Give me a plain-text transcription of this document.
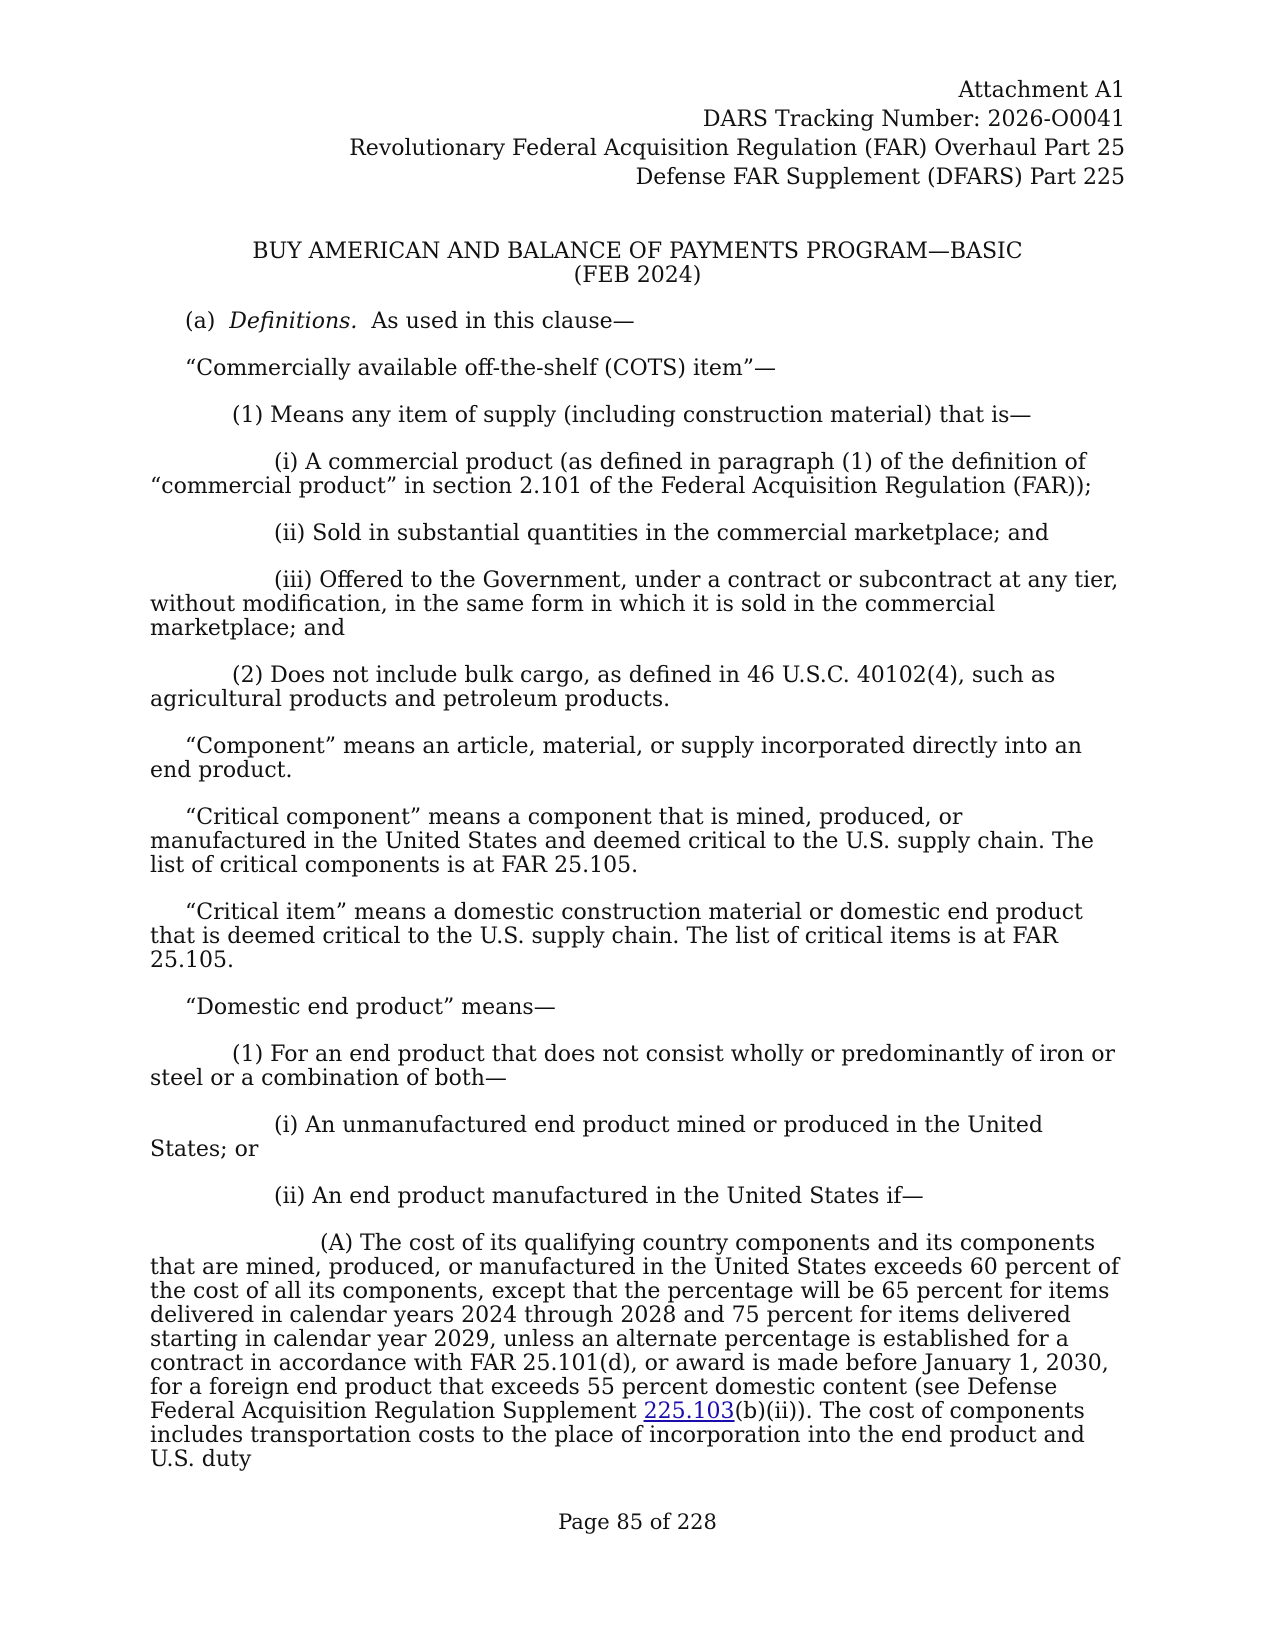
Attachment A1
DARS Tracking Number: 2026-O0041
Revolutionary Federal Acquisition Regulation (FAR) Overhaul Part 25
Defense FAR Supplement (DFARS) Part 225
BUY AMERICAN AND BALANCE OF PAYMENTS PROGRAM—BASIC
(FEB 2024)

(a) Definitions. As used in this clause—

“Commercially available off-the-shelf (COTS) item”—

(1) Means any item of supply (including construction material) that is—

(i) A commercial product (as defined in paragraph (1) of the definition of “commercial product” in section 2.101 of the Federal Acquisition Regulation (FAR));

(ii) Sold in substantial quantities in the commercial marketplace; and

(iii) Offered to the Government, under a contract or subcontract at any tier, without modification, in the same form in which it is sold in the commercial marketplace; and

(2) Does not include bulk cargo, as defined in 46 U.S.C. 40102(4), such as agricultural products and petroleum products.

“Component” means an article, material, or supply incorporated directly into an end product.

“Critical component” means a component that is mined, produced, or manufactured in the United States and deemed critical to the U.S. supply chain. The list of critical components is at FAR 25.105.

“Critical item” means a domestic construction material or domestic end product that is deemed critical to the U.S. supply chain. The list of critical items is at FAR 25.105.

“Domestic end product” means—

(1) For an end product that does not consist wholly or predominantly of iron or steel or a combination of both—

(i) An unmanufactured end product mined or produced in the United States; or

(ii) An end product manufactured in the United States if—

(A) The cost of its qualifying country components and its components that are mined, produced, or manufactured in the United States exceeds 60 percent of the cost of all its components, except that the percentage will be 65 percent for items delivered in calendar years 2024 through 2028 and 75 percent for items delivered starting in calendar year 2029, unless an alternate percentage is established for a contract in accordance with FAR 25.101(d), or award is made before January 1, 2030, for a foreign end product that exceeds 55 percent domestic content (see Defense Federal Acquisition Regulation Supplement 225.103(b)(ii)). The cost of components includes transportation costs to the place of incorporation into the end product and U.S. duty

Page 85 of 228
